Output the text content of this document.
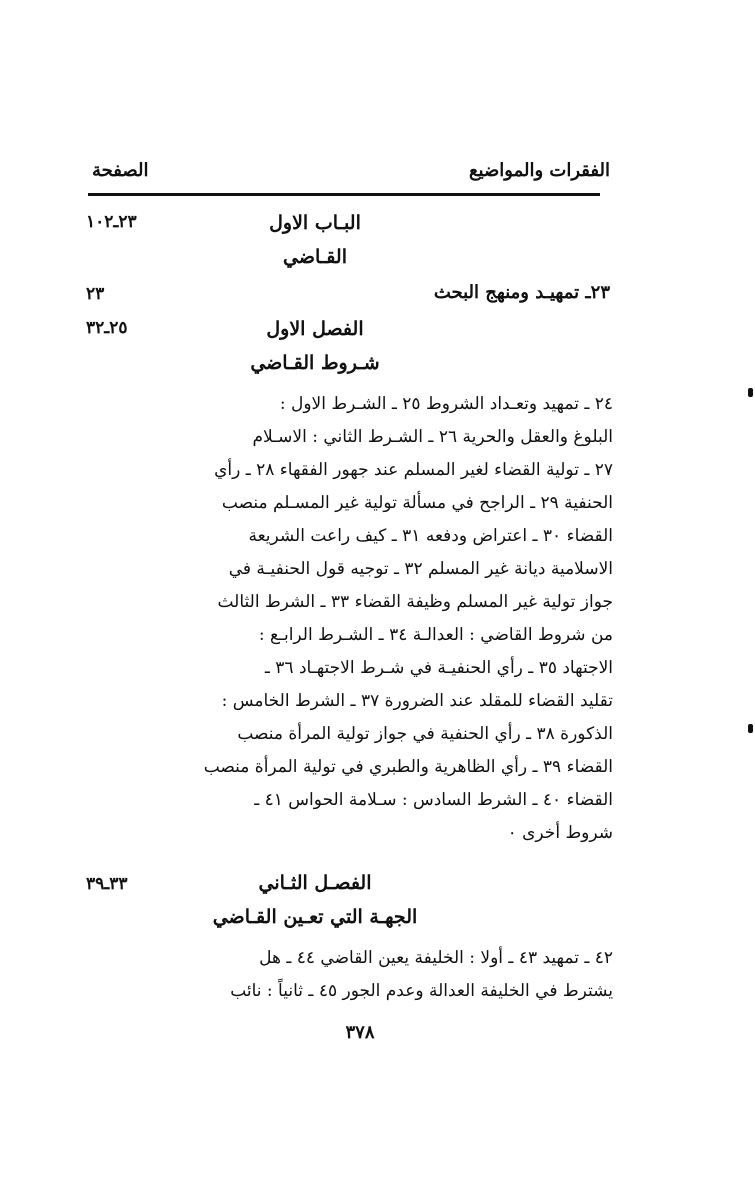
الفقرات والمواضيع
الصفحة
البـاب الاول
٢٣ـ١٠٢
القـاضي
٢٣ـ تمهيـد ومنهج البحث
٢٣
الفصل الاول
٢٥ـ٣٢
شـروط القـاضي

٢٤ ـ تمهيد وتعـداد الشروط ٢٥ ـ الشـرط الاول :

البلوغ والعقل والحرية ٢٦ ـ الشـرط الثاني : الاسـلام

٢٧ ـ تولية القضاء لغير المسلم عند جهور الفقهاء ٢٨ ـ رأي

الحنفية ٢٩ ـ الراجح في مسألة تولية غير المسـلم منصب

القضاء ٣٠ ـ اعتراض ودفعه ٣١ ـ كيف راعت الشريعة

الاسلامية ديانة غير المسلم ٣٢ ـ توجيه قول الحنفيـة في

جواز تولية غير المسلم وظيفة القضاء ٣٣ ـ الشرط الثالث

من شروط القاضي : العدالـة ٣٤ ـ الشـرط الرابـع :

الاجتهاد ٣٥ ـ رأي الحنفيـة في شـرط الاجتهـاد ٣٦ ـ

تقليد القضاء للمقلد عند الضرورة ٣٧ ـ الشرط الخامس :

الذكورة ٣٨ ـ رأي الحنفية في جواز تولية المرأة منصب

القضاء ٣٩ ـ رأي الظاهرية والطبري في تولية المرأة منصب

القضاء ٤٠ ـ الشرط السادس : سـلامة الحواس ٤١ ـ

شروط أخرى ٠

الفصـل الثـاني
٣٣ـ٣٩
الجهـة التي تعـين القـاضي

٤٢ ـ تمهيد ٤٣ ـ أولا : الخليفة يعين القاضي ٤٤ ـ هل

يشترط في الخليفة العدالة وعدم الجور ٤٥ ـ ثانياً : نائب

٣٧٨
